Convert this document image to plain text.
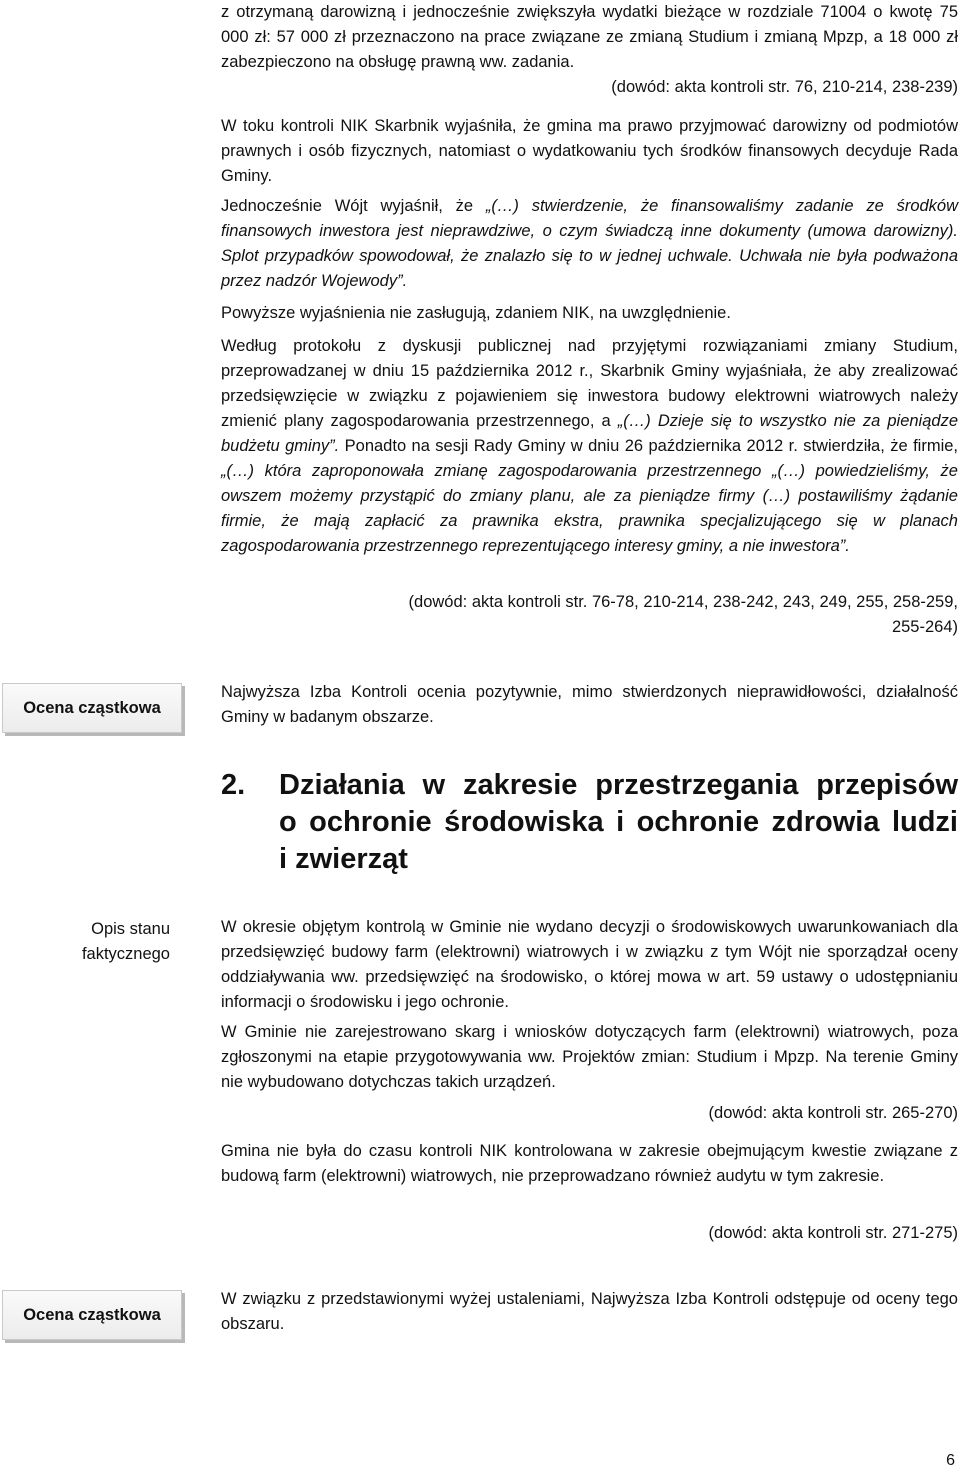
z otrzymaną darowizną i jednocześnie zwiększyła wydatki bieżące w rozdziale 71004 o kwotę 75 000 zł: 57 000 zł przeznaczono na prace związane ze zmianą Studium i zmianą Mpzp, a 18 000 zł zabezpieczono na obsługę prawną ww. zadania.

(dowód: akta kontroli str. 76, 210-214, 238-239)

W toku kontroli NIK Skarbnik wyjaśniła, że gmina ma prawo przyjmować darowizny od podmiotów prawnych i osób fizycznych, natomiast o wydatkowaniu tych środków finansowych decyduje Rada Gminy.

Jednocześnie Wójt wyjaśnił, że „(…) stwierdzenie, że finansowaliśmy zadanie ze środków finansowych inwestora jest nieprawdziwe, o czym świadczą inne dokumenty (umowa darowizny). Splot przypadków spowodował, że znalazło się to w jednej uchwale. Uchwała nie była podważona przez nadzór Wojewody”.

Powyższe wyjaśnienia nie zasługują, zdaniem NIK, na uwzględnienie.

Według protokołu z dyskusji publicznej nad przyjętymi rozwiązaniami zmiany Studium, przeprowadzanej w dniu 15 października 2012 r., Skarbnik Gminy wyjaśniała, że aby zrealizować przedsięwzięcie w związku z pojawieniem się inwestora budowy elektrowni wiatrowych należy zmienić plany zagospodarowania przestrzennego, a „(…) Dzieje się to wszystko nie za pieniądze budżetu gminy”. Ponadto na sesji Rady Gminy w dniu 26 października 2012 r. stwierdziła, że firmie, „(…) która zaproponowała zmianę zagospodarowania przestrzennego „(…) powiedzieliśmy, że owszem możemy przystąpić do zmiany planu, ale za pieniądze firmy (…) postawiliśmy żądanie firmie, że mają zapłacić za prawnika ekstra, prawnika specjalizującego się w planach zagospodarowania przestrzennego reprezentującego interesy gminy, a nie inwestora”.

(dowód: akta kontroli str. 76-78, 210-214, 238-242, 243, 249, 255, 258-259,
255-264)
Ocena cząstkowa

Najwyższa Izba Kontroli ocenia pozytywnie, mimo stwierdzonych nieprawidłowości, działalność Gminy w badanym obszarze.

2. Działania w zakresie przestrzegania przepisów
o ochronie środowiska i ochronie zdrowia ludzi
i zwierząt
Opis stanu
faktycznego

W okresie objętym kontrolą w Gminie nie wydano decyzji o środowiskowych uwarunkowaniach dla przedsięwzięć budowy farm (elektrowni) wiatrowych i w związku z tym Wójt nie sporządzał oceny oddziaływania ww. przedsięwzięć na środowisko, o której mowa w art. 59 ustawy o udostępnianiu informacji o środowisku i jego ochronie.

W Gminie nie zarejestrowano skarg i wniosków dotyczących farm (elektrowni) wiatrowych, poza zgłoszonymi na etapie przygotowywania ww. Projektów zmian: Studium i Mpzp. Na terenie Gminy nie wybudowano dotychczas takich urządzeń.

(dowód: akta kontroli str. 265-270)

Gmina nie była do czasu kontroli NIK kontrolowana w zakresie obejmującym kwestie związane z budową farm (elektrowni) wiatrowych, nie przeprowadzano również audytu w tym zakresie.

(dowód: akta kontroli str. 271-275)
Ocena cząstkowa

W związku z przedstawionymi wyżej ustaleniami, Najwyższa Izba Kontroli odstępuje od oceny tego obszaru.

6
